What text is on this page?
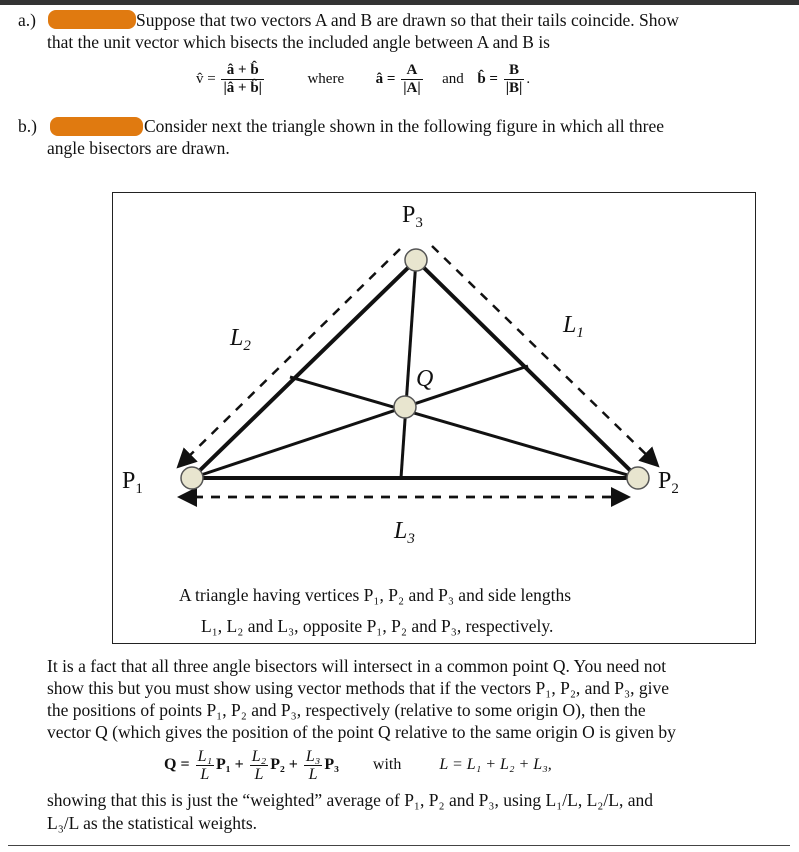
a.)	Suppose that two vectors A and B are drawn so that their tails coincide. Show
that the unit vector which bisects the included angle between A and B is
v̂ = $\frac{â + b̂}{|â + b̂|}$	where â = $\frac{A}{|A|}$ and b̂ = $\frac{B}{|B|}$ .
b.)	Consider next the triangle shown in the following figure in which all three
angle bisectors are drawn.
$P_1$	$P_2$
$P_3$
Q
$L_1$
$L_2$
$L_3$
A triangle having vertices P₁, P₂ and P₃ and side lengths
L₁, L₂ and L₃, opposite P₁, P₂ and P₃, respectively.
It is a fact that all three angle bisectors will intersect in a common point Q. You need not
show this but you must show using vector methods that if the vectors P₁, P₂, and P₃, give
the positions of points P₁, P₂ and P₃, respectively (relative to some origin O), then the
vector Q (which gives the position of the point Q relative to the same origin O is given by
$Q = \frac{\text{L₁}}{L} P_1 + \frac{\text{L₂}}{L} P_2 + \frac{\text{L₃}}{L} P_3$ with L = L₁ + L₂ + L₃,
showing that this is just the “weighted” average of P₁, P₂ and P₃, using L₁/L, L₂/L, and
L₃/L as the statistical weights.
